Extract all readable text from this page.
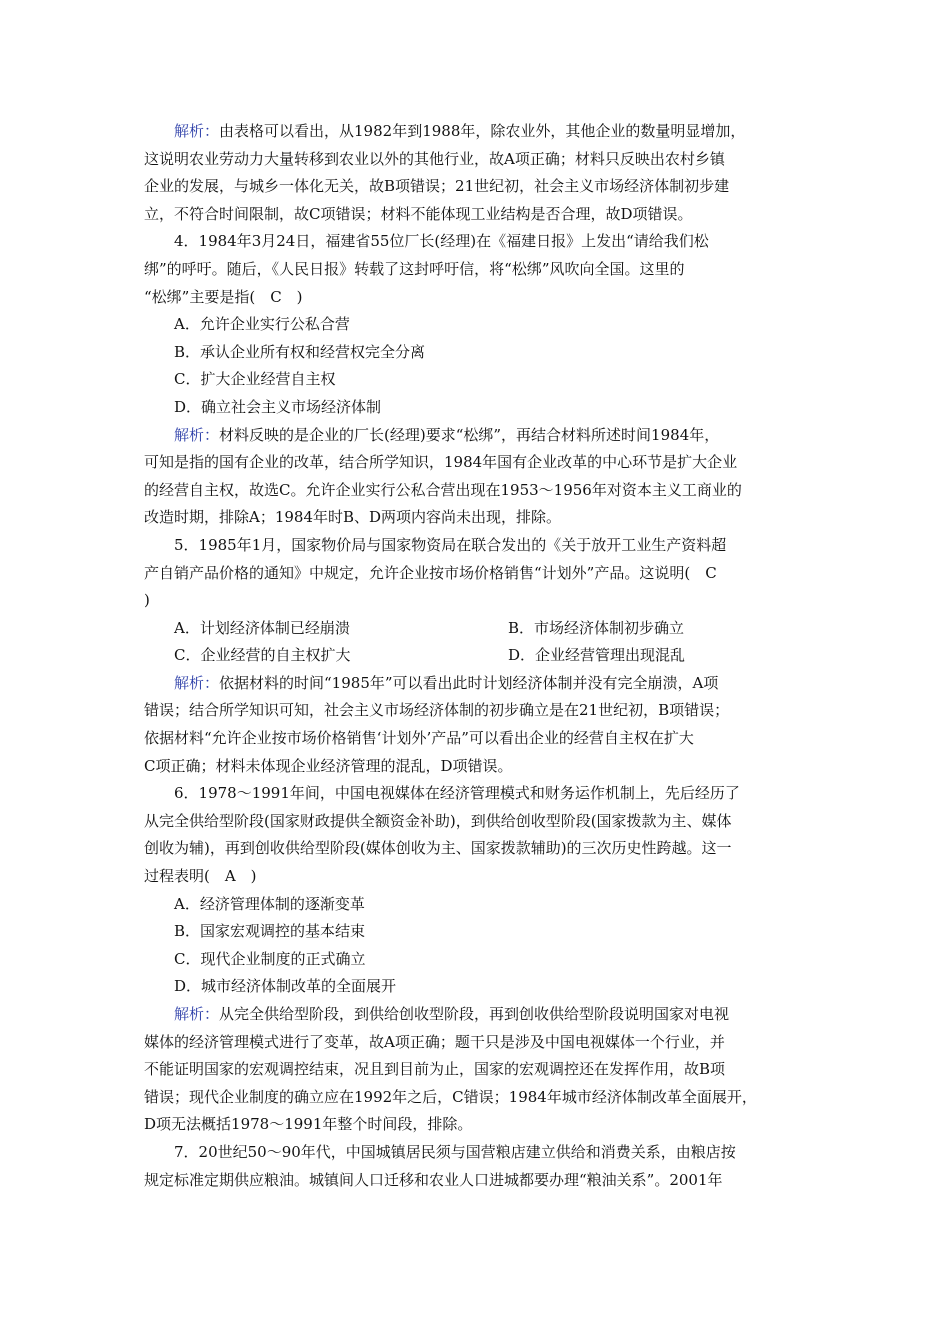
解析：由表格可以看出，从1982年到1988年，除农业外，其他企业的数量明显增加，
这说明农业劳动力大量转移到农业以外的其他行业，故A项正确；材料只反映出农村乡镇
企业的发展，与城乡一体化无关，故B项错误；21世纪初，社会主义市场经济体制初步建
立，不符合时间限制，故C项错误；材料不能体现工业结构是否合理，故D项错误。
4．1984年3月24日，福建省55位厂长(经理)在《福建日报》上发出“请给我们松
绑”的呼吁。随后，《人民日报》转载了这封呼吁信，将“松绑”风吹向全国。这里的
“松绑”主要是指(　C　)
A．允许企业实行公私合营
B．承认企业所有权和经营权完全分离
C．扩大企业经营自主权
D．确立社会主义市场经济体制
解析：材料反映的是企业的厂长(经理)要求“松绑”，再结合材料所述时间1984年，
可知是指的国有企业的改革，结合所学知识，1984年国有企业改革的中心环节是扩大企业
的经营自主权，故选C。允许企业实行公私合营出现在1953～1956年对资本主义工商业的
改造时期，排除A；1984年时B、D两项内容尚未出现，排除。
5．1985年1月，国家物价局与国家物资局在联合发出的《关于放开工业生产资料超
产自销产品价格的通知》中规定，允许企业按市场价格销售“计划外”产品。这说明(　C
)
A．计划经济体制已经崩溃	B．市场经济体制初步确立
C．企业经营的自主权扩大	D．企业经营管理出现混乱
解析：依据材料的时间“1985年”可以看出此时计划经济体制并没有完全崩溃，A项
错误；结合所学知识可知，社会主义市场经济体制的初步确立是在21世纪初，B项错误；
依据材料“允许企业按市场价格销售‘计划外’产品”可以看出企业的经营自主权在扩大
C项正确；材料未体现企业经济管理的混乱，D项错误。
6．1978～1991年间，中国电视媒体在经济管理模式和财务运作机制上，先后经历了
从完全供给型阶段(国家财政提供全额资金补助)，到供给创收型阶段(国家拨款为主、媒体
创收为辅)，再到创收供给型阶段(媒体创收为主、国家拨款辅助)的三次历史性跨越。这一
过程表明(　A　)
A．经济管理体制的逐渐变革
B．国家宏观调控的基本结束
C．现代企业制度的正式确立
D．城市经济体制改革的全面展开
解析：从完全供给型阶段，到供给创收型阶段，再到创收供给型阶段说明国家对电视
媒体的经济管理模式进行了变革，故A项正确；题干只是涉及中国电视媒体一个行业，并
不能证明国家的宏观调控结束，况且到目前为止，国家的宏观调控还在发挥作用，故B项
错误；现代企业制度的确立应在1992年之后，C错误；1984年城市经济体制改革全面展开，
D项无法概括1978～1991年整个时间段，排除。
7．20世纪50～90年代，中国城镇居民须与国营粮店建立供给和消费关系，由粮店按
规定标准定期供应粮油。城镇间人口迁移和农业人口进城都要办理“粮油关系”。2001年
